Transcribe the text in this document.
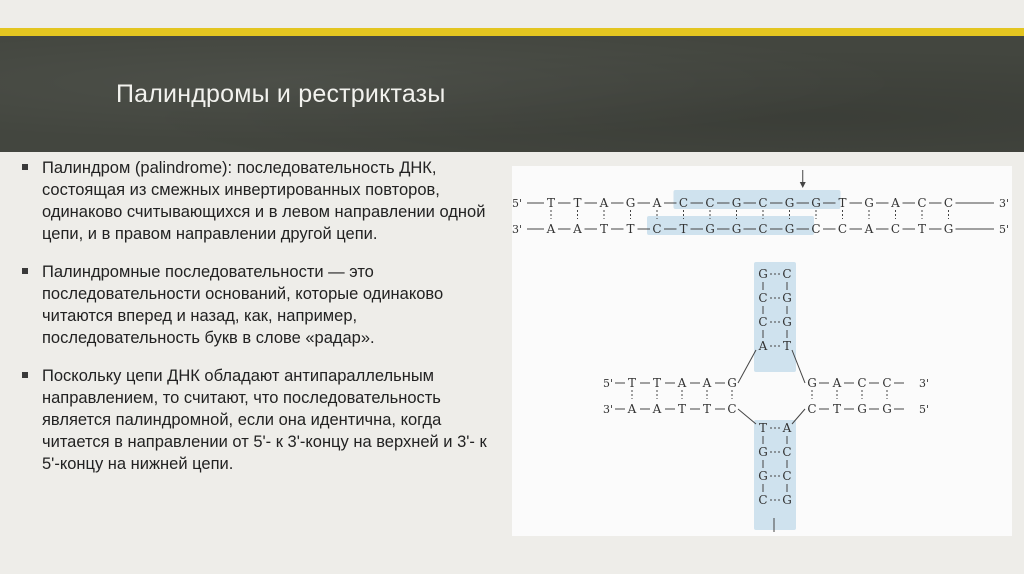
Палиндромы и рестриктазы
Палиндром (palindrome): последовательность ДНК, состоящая из смежных инвертированных повторов, одинаково считывающихся и в левом направлении одной цепи, и в правом направлении другой цепи.
Палиндромные последовательности — это последовательности оснований, которые одинаково читаются вперед и назад, как, например, последовательность букв в слове «радар».
Поскольку цепи ДНК обладают антипараллельным направлением, то считают, что последовательность является палиндромной, если она идентична, когда читается в направлении от 5'- к 3'-концу на верхней и 3'- к 5'-концу на нижней цепи.
5'	3'
3'	5'
T
A
T
A
A
T
G
T
A
C
C
T
C
G
G
G
C
C
G
G
G
C
T
C
G
A
A
C
C
T
C
G
G C
C G
C G
A T
T A
G C
G C
C G
5'
3'
T
A
T
A
A
T
A
T
G
C
3'
5'
G
C
A
T
C
G
C
G
